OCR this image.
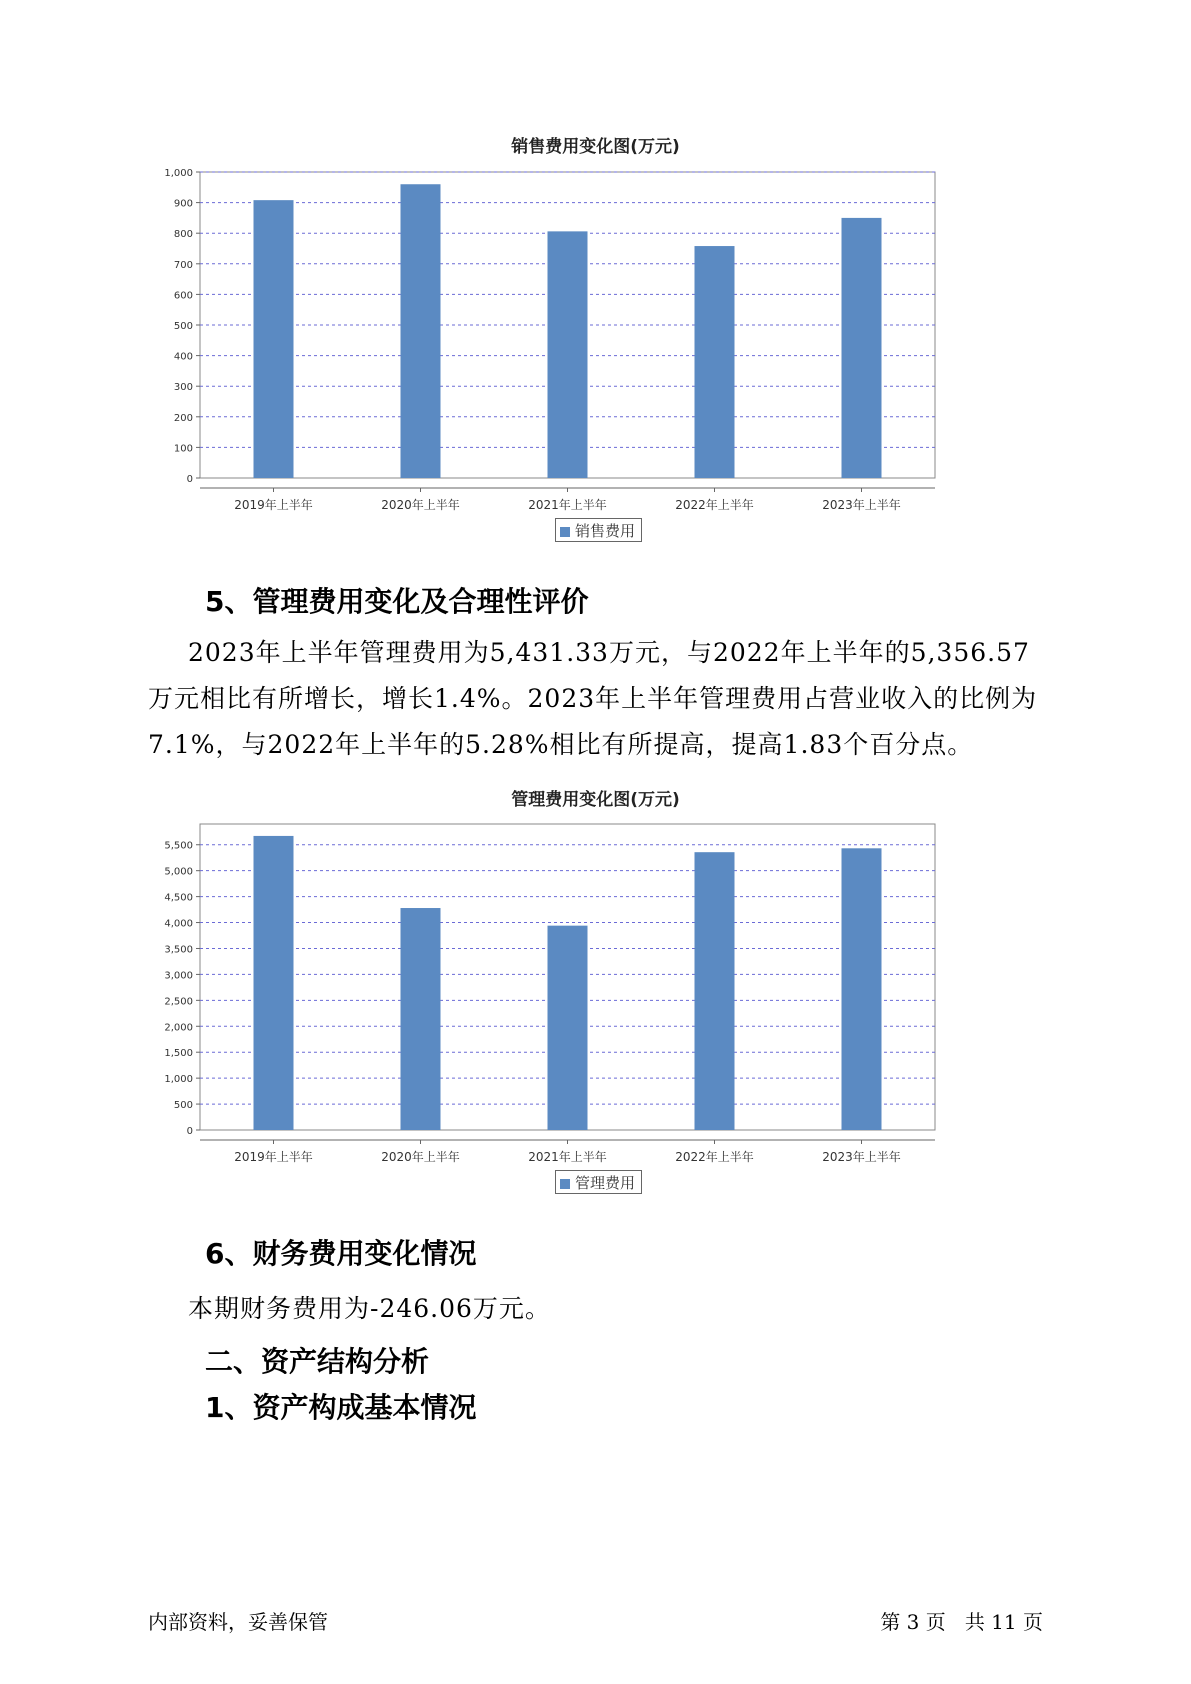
销售费用变化图(万元)
0
100
200
300
400
500
600
700
800
900
1,000
2019年上半年	2020年上半年	2021年上半年	2022年上半年	2023年上半年
销售费用
5、管理费用变化及合理性评价
2023年上半年管理费用为5,431.33万元，与2022年上半年的5,356.57万元相比有所增长，增长1.4%。2023年上半年管理费用占营业收入的比例为7.1%，与2022年上半年的5.28%相比有所提高，提高1.83个百分点。
管理费用变化图(万元)
0
500
1,000
1,500
2,000
2,500
3,000
3,500
4,000
4,500
5,000
5,500
2019年上半年	2020年上半年	2021年上半年	2022年上半年	2023年上半年
管理费用
6、财务费用变化情况
本期财务费用为-246.06万元。
二、资产结构分析
1、资产构成基本情况
内部资料，妥善保管	第 3 页   共 11 页
